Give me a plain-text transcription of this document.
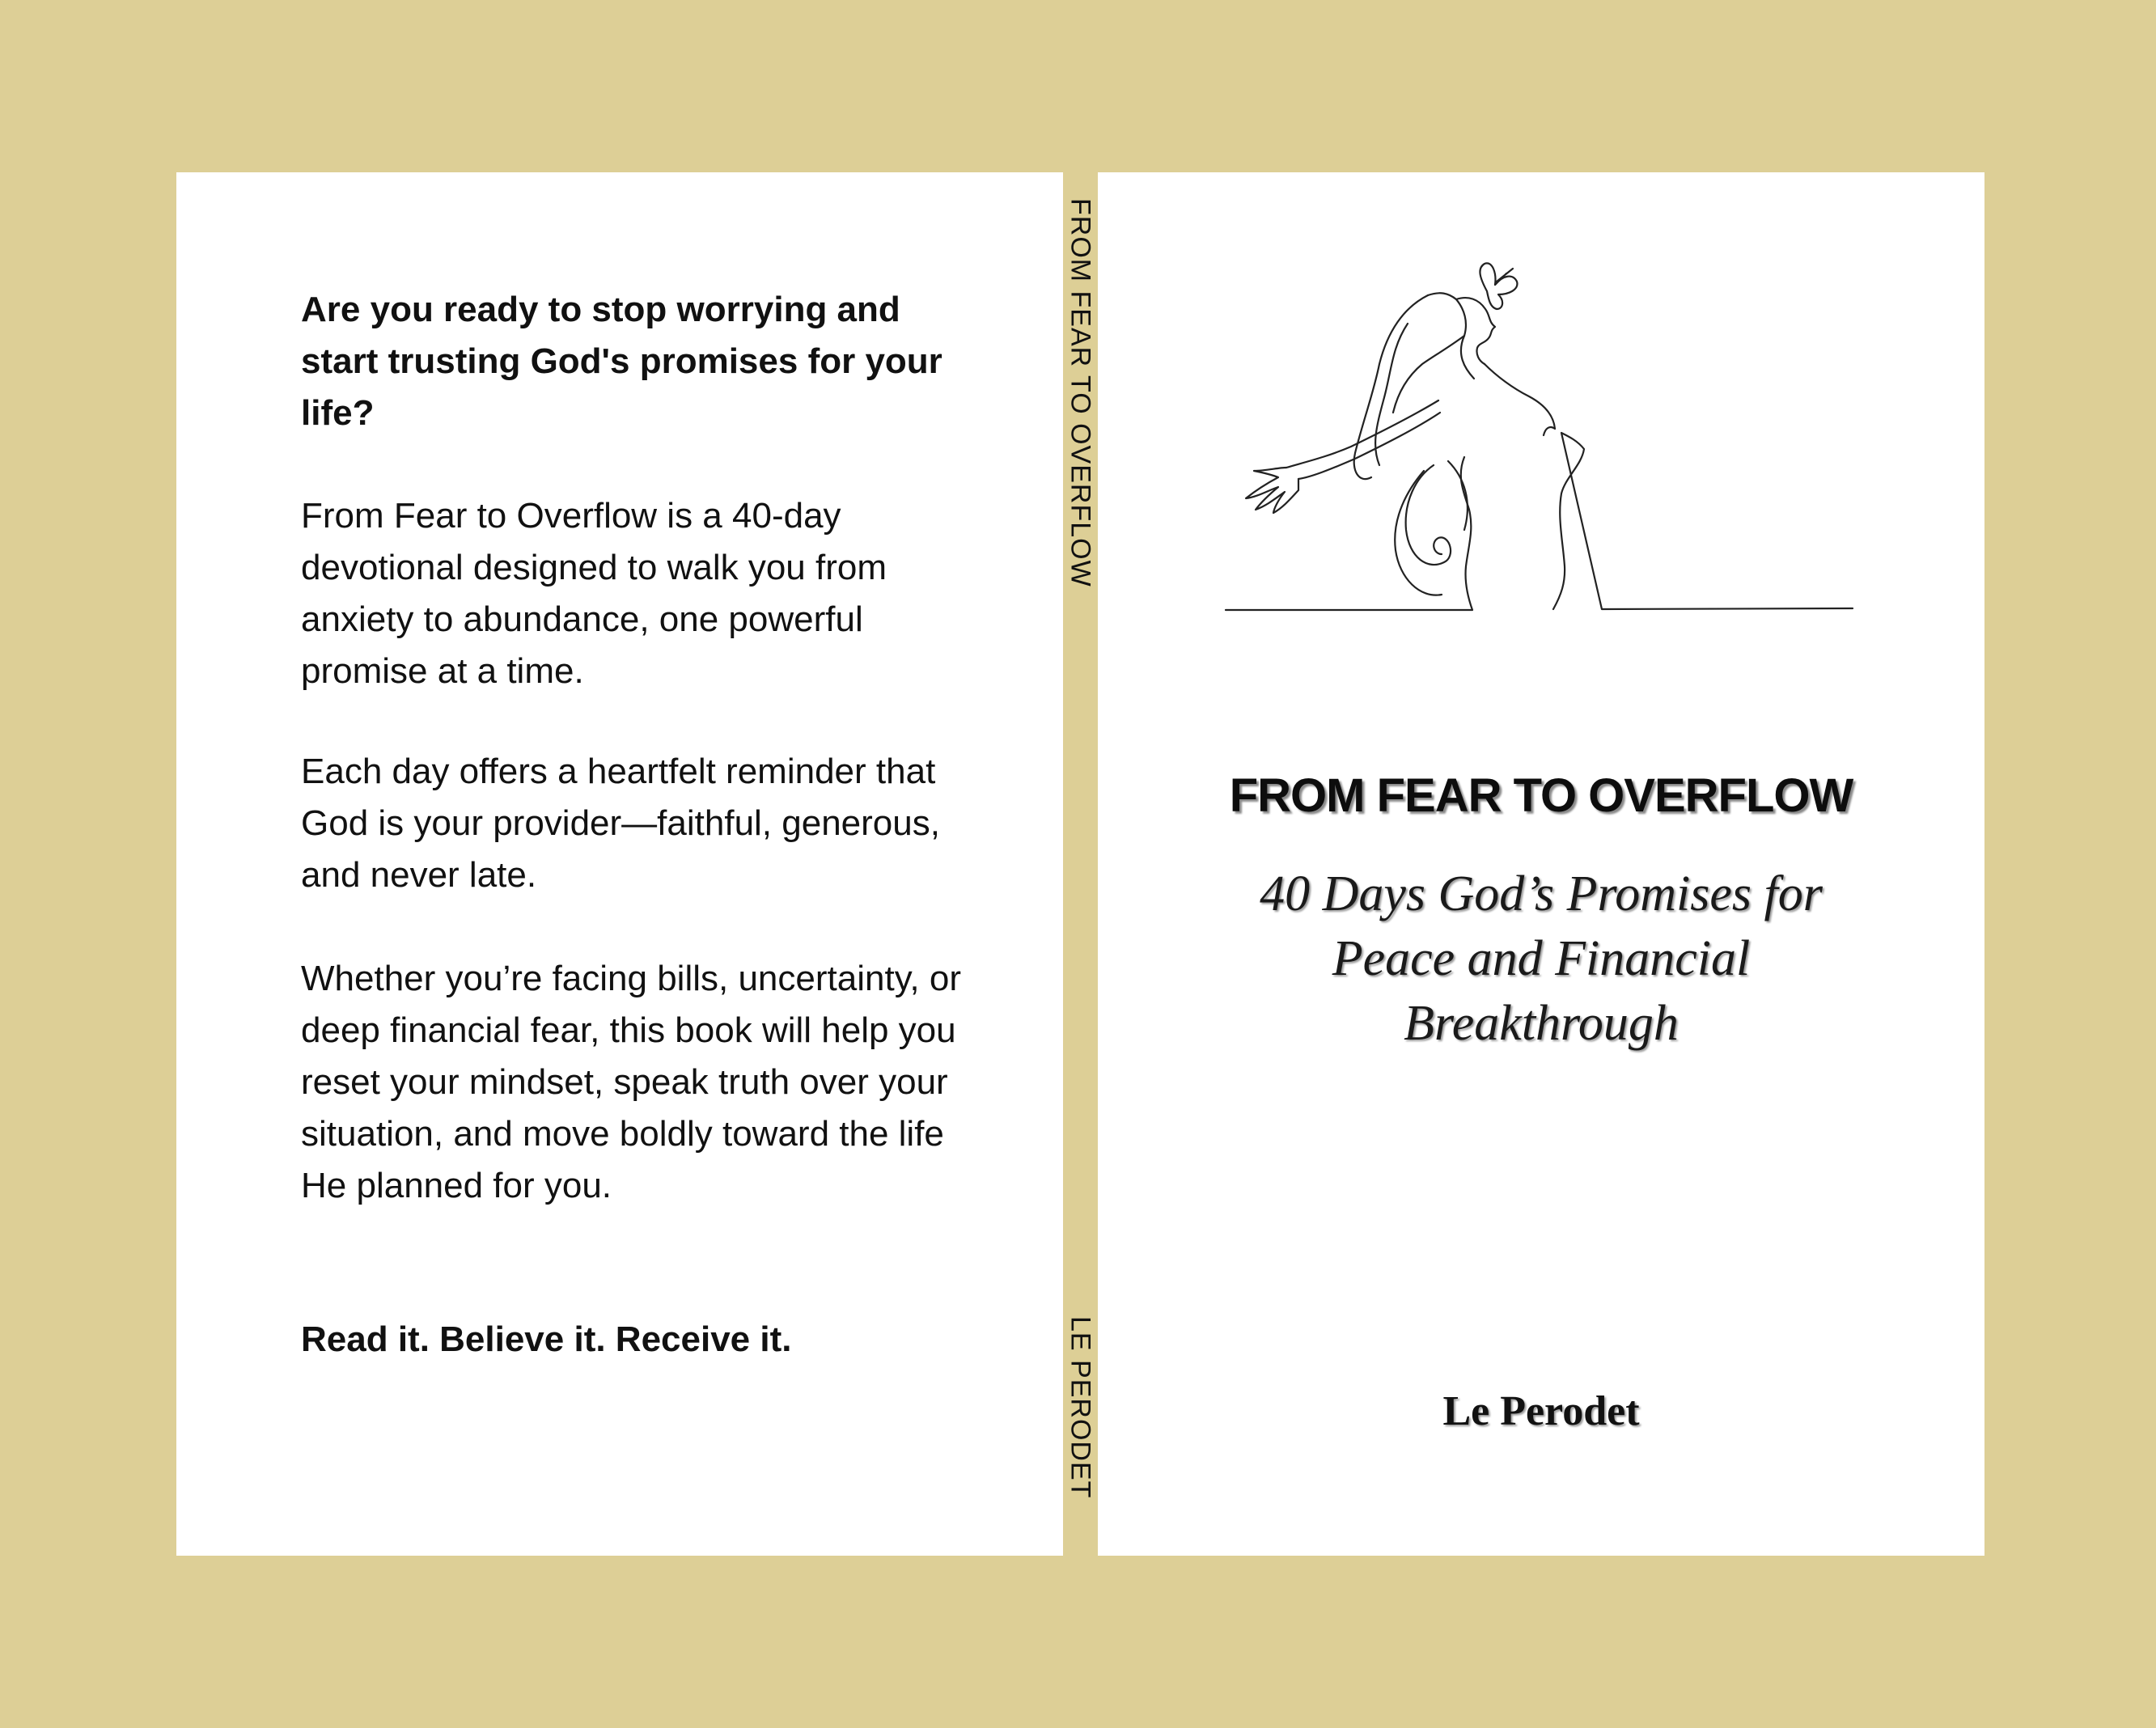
FROM FEAR TO OVERFLOW
LE PERODET

Are you ready to stop worrying and start trusting God's promises for your life?

From Fear to Overflow is a 40-day devotional designed to walk you from anxiety to abundance, one powerful promise at a time.

Each day offers a heartfelt reminder that God is your provider—faithful, generous, and never late.

Whether you’re facing bills, uncertainty, or deep financial fear, this book will help you reset your mindset, speak truth over your situation, and move boldly toward the life He planned for you.

Read it. Believe it. Receive it.

FROM FEAR TO OVERFLOW
40 Days God’s Promises for Peace and Financial Breakthrough
Le Perodet
